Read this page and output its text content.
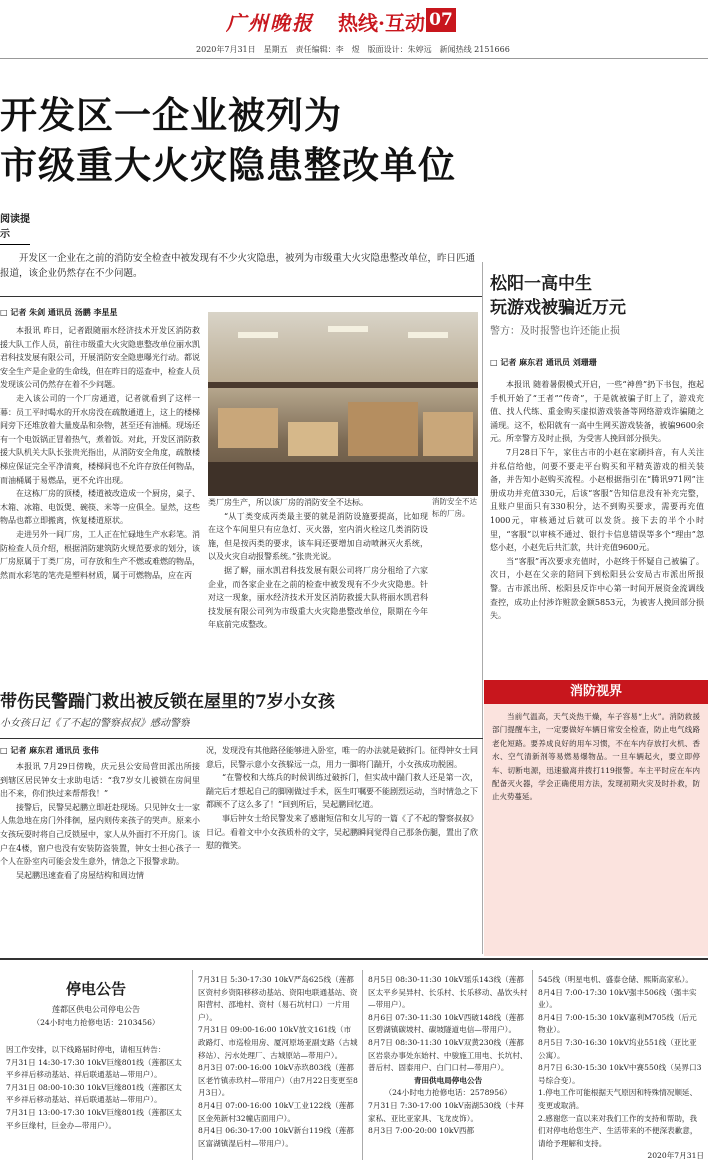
广州晚报 热线·互动 07
2020年7月31日　星期五　责任编辑：李　煜　版面设计：朱婷远　新闻热线 2151666
开发区一企业被列为
市级重大火灾隐患整改单位
阅读提示
开发区一企业在之前的消防安全检查中被发现有不少火灾隐患，被列为市级重大火灾隐患整改单位，昨日匹通报道，该企业仍然存在不少问题。
□ 记者 朱剑 通讯员 汤鹏 李星星

本报讯 昨日，记者跟随丽水经济技术开发区消防救援大队工作人员，前往市级重大火灾隐患整改单位丽水凯君科技发展有限公司，开展消防安全隐患曝光行动。都说安全生产是企业的生命线，但在昨日的巡查中，检查人员发现该公司仍然存在着不少问题。

走入该公司的一个厂房通道，记者就看到了这样一幕：员工平时喝水的开水房没在疏散通道上，这上的楼梯间旁下还堆放着大量废品和杂物，甚至还有油桶。现场还有一个电饭锅正冒着热气，煮着饭。对此，开发区消防救援大队机关大队长张贵光指出，从消防安全角度，疏散楼梯应保证完全平净清爽，楼梯间也不允许存放任何物品，而油桶属于易燃品，更不允许出现。

在这栋厂房的顶楼，楼道被改造成一个厨房，桌子、木箱、冰箱、电饭煲、碗筷、米等一应俱全。显然，这些物品也都立即搬离，恢复楼道原状。

走进另外一间厂房，工人正在忙碌地生产水彩笔。消防检查人员介绍，根据消防建筑防火规范要求的划分，该厂房原属于丁类厂房，可存放和生产不燃或难燃的物品，然而水彩笔的笔壳是塑料材质，属于可燃物品，应在丙

类厂房生产，所以该厂房的消防安全不达标。

“从丁类变成丙类最主要的就是消防设施要提高，比如现在这个车间里只有应急灯、灭火器，室内消火栓这几类消防设施，但是按丙类的要求，该车间还要增加自动喷淋灭火系统，以及火灾自动报警系统。”张贵光说。

据了解，丽水凯君科技发展有限公司将厂房分租给了六家企业，而各家企业在之前的检查中被发现有不少火灾隐患。针对这一现象，丽水经济技术开发区消防救援大队将丽水凯君科技发展有限公司列为市级重大火灾隐患整改单位，限期在今年年底前完成整改。

消防安全不达标的厂房。
松阳一高中生
玩游戏被骗近万元
警方：及时报警也许还能止损
□ 记者 麻东君 通讯员 刘珊珊

本报讯 随着暑假模式开启，一些“神兽”扔下书包，抱起手机开始了“王者”“传奇”，于是就被骗子盯上了，游戏充值、找人代练、重金购买虚拟游戏装备等网络游戏诈骗随之涌现。这不，松阳就有一高中生网买游戏装备，被骗9600余元。所幸警方及时止损，为受害人挽回部分损失。

7月28日下午，家住古市的小赵在家刷抖音，有人关注并私信给他，问要不要走平台购买和平精英游戏的相关装备，并告知小赵购买流程。小赵根据指引在“腾讯971网”注册成功并充值330元，后该“客服”告知信息没有补充完整，且账户里面只有330积分，达不到购买要求，需要再充值1000元，审核通过后就可以发货。接下去的半个小时里，“客服”以审核不通过、银行卡信息错误等多个“理由”忽悠小赵，小赵先后共汇款，共计充值9600元。

当“客服”再次要求充值时，小赵终于怀疑自己被骗了。次日，小赵在父亲的陪同下到松阳县公安局古市派出所报警。古市派出所、松阳县反诈中心第一时间开展资金流调线查控，成功止付涉诈赃款金额5853元，为被害人挽回部分损失。

带伤民警踹门救出被反锁在屋里的7岁小女孩
小女孩日记《了不起的警察叔叔》感动警察
□ 记者 麻东君 通讯员 张伟

本报讯 7月29日傍晚，庆元县公安局营田派出所接到辖区居民钟女士求助电话：“我7岁女儿被锁在房间里出不来，你们快过来帮帮我！”

接警后，民警吴起鹏立即赶赴现场。只见钟女士一家人焦急地在房门外徘徊，屋内则传来孩子的哭声。原来小女孩玩耍时将自己反锁屋中，家人从外面打不开房门。该户在4楼，窗户也没有安装防盗装置，钟女士担心孩子一个人在卧室内可能会发生意外，情急之下报警求助。

吴起鹏迅速查看了房屋结构和周边情

况，发现没有其他路径能够进入卧室，唯一的办法就是破拆门。征得钟女士同意后，民警示意小女孩躲远一点，用力一脚将门踹开，小女孩成功脱困。

“在警校和大练兵的时候训练过破拆门，但实战中踹门救人还是第一次，踹完后才想起自己的脚刚做过手术，医生叮嘱要不能剧烈运动，当时情急之下都顾不了这么多了！”回到所后，吴起鹏回忆道。

事后钟女士给民警发来了感谢短信和女儿写的一篇《了不起的警察叔叔》日记。看着文中小女孩质朴的文字，吴起鹏瞬间觉得自己那条伤腿，置出了欣慰的微笑。

消防视界
当前气温高，天气炎热干燥，车子容易“上火”。消防救援部门提醒车主，一定要做好车辆日常安全检查，防止电气线路老化短路。要养成良好的用车习惯，不在车内存放打火机、香水、空气清新剂等易燃易爆物品。一旦车辆起火，要立即停车、切断电源，迅速撤离并拨打119报警。车主平时应在车内配备灭火器，学会正确使用方法，发现初期火灾及时扑救，防止火势蔓延。
停电公告

莲都区供电公司停电公告

（24小时电力抢修电话：2103456）

因工作安排，以下线路届时停电，请相互转告：

7月31日 14:30-17:30 10kV巨缘801线（莲都区太平乡祥后移动基站、祥后联通基站—带用户）。

7月31日 08:00-10:30 10kV巨缘801线（莲都区太平乡祥后移动基站、祥后联通基站—带用户）。

7月31日 13:00-17:30 10kV巨缘801线（莲都区太平乡巨缘村，巨金办—带用户）。

7月31日 5:30-17:30 10kV严岛625线（莲都区资村乡资阳移移动基站、资阳电联通基站、资阳营村、邵地村、资村（易石坑村口）一片用户）。

7月31日 09:00-16:00 10kV放文161线（市政路灯、市巡检用房、厦河原场亚副支路（古城移站）、污水处理厂、古城原站—带用户）。

8月3日 07:00-16:00 10kV赤玖803线（莲都区老竹镇赤玖村—带用户）（由7月22日变更至8月3日）。

8月4日 07:00-16:00 10kV工业122线（莲都区金苑新村32幢店面用户）。

8月4日 06:30-17:00 10kV新台119线（莲都区富湖镇湿后村—带用户）。

8月5日 08:30-11:30 10kV瑶乐143线（莲都区太平乡吴异村、长乐村、长乐移动、晶饮头村—带用户）。

8月6日 07:30-11:30 10kV西破148线（莲都区碧湖镇碳坡村、碳坡隧道电信—带用户）。

8月7日 08:30-11:30 10kV双黄230线（莲都区岩泉办事处东始村、中骏施工用电、长坑村、普后村、固泰用户、白门口村—带用户）。

青田供电局停电公告

（24小时电力抢修电话：2578956）

7月31日 7:30-17:00 10kV南湖530线（卡拜家私、亚比亚家具、飞龙皮饰）。

8月3日 7:00-20:00 10kV西都

545线（明星电机、盛泰仓储、熙斯高家私）。

8月4日 7:00-17:30 10kV强丰506线（强丰实业）。

8月4日 7:00-15:30 10kV嘉利M705线（后元物业）。

8月5日 7:30-16:30 10kV坞业551线（亚比亚公寓）。

8月7日 6:30-15:30 10kV中赛550线（吴界口3号综合变）。

1.停电工作可能根据天气原因和特殊情况顺延、变更或取消。

2.感谢您一直以来对我们工作的支持和帮助，我们对停电给您生产、生活带来的不便深表歉意，请给予理解和支持。

2020年7月31日
